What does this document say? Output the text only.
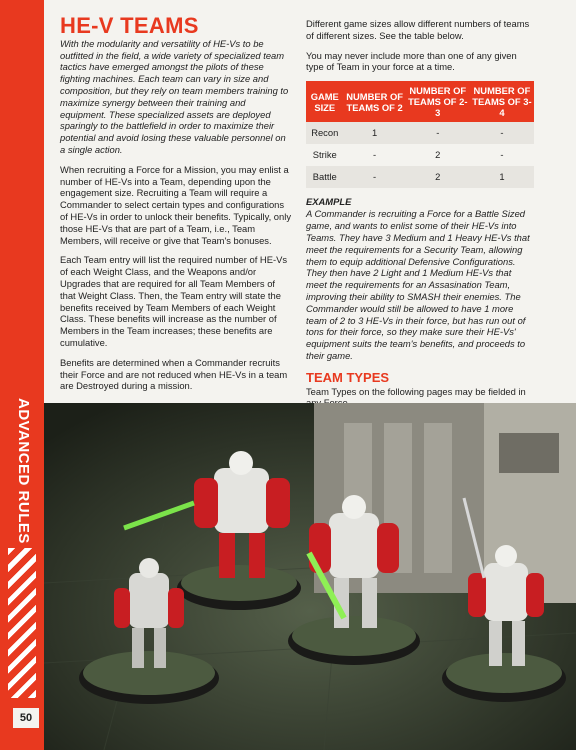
ADVANCED RULES
50
HE-V TEAMS

With the modularity and versatility of HE-Vs to be outfitted in the field, a wide variety of specialized team tactics have emerged amongst the pilots of these fighting machines. Each team can vary in size and composition, but they rely on team members training to maximize synergy between their training and equipment. These specialized assets are deployed sparingly to the battlefield in order to maximize their potential and avoid losing these valuable personnel on a single action.

When recruiting a Force for a Mission, you may enlist a number of HE-Vs into a Team, depending upon the engagement size. Recruiting a Team will require a Commander to select certain types and configurations of HE-Vs in order to unlock their benefits. Typically, only those HE-Vs that are part of a Team, i.e., Team Members, will receive or give that Team's bonuses.

Each Team entry will list the required number of HE-Vs of each Weight Class, and the Weapons and/or Upgrades that are required for all Team Members of that Weight Class. Then, the Team entry will state the benefits received by Team Members of each Weight Class. These benefits will increase as the number of Members in the Team increases; these benefits are cumulative.

Benefits are determined when a Commander recruits their Force and are not reduced when HE-Vs in a team are Destroyed during a mission.

Different game sizes allow different numbers of teams of different sizes. See the table below.

You may never include more than one of any given type of Team in your force at a time.

GAME SIZE	NUMBER OF TEAMS OF 2	NUMBER OF TEAMS OF 2-3	NUMBER OF TEAMS OF 3-4
Recon	1	-	-
Strike	-	2	-
Battle	-	2	1
EXAMPLE

A Commander is recruiting a Force for a Battle Sized game, and wants to enlist some of their HE-Vs into Teams. They have 3 Medium and 1 Heavy HE-Vs that meet the requirements for a Security Team, allowing them to equip additional Defensive Configurations. They then have 2 Light and 1 Medium HE-Vs that meet the requirements for an Assasination Team, improving their ability to SMASH their enemies. The Commander would still be allowed to have 1 more team of 2 to 3 HE-Vs in their force, but has run out of tons for their force, so they make sure their HE-Vs' equipment suits the team's benefits, and proceeds to their game.

TEAM TYPES

Team Types on the following pages may be fielded in
